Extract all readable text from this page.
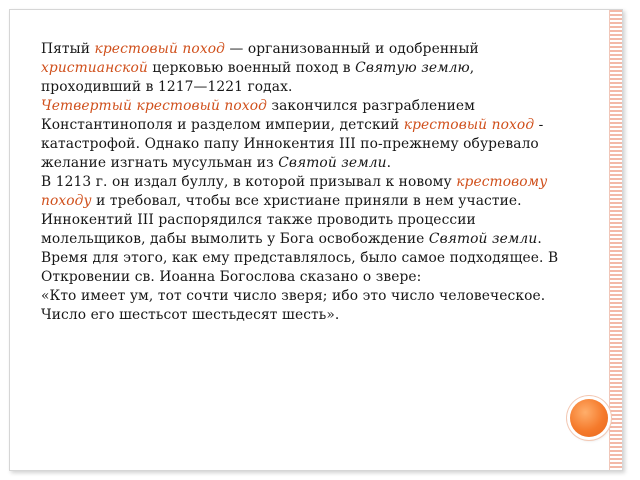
Пятый крестовый поход — организованный и одобренный христианской церковью военный поход в Святую землю, проходивший в 1217—1221 годах.

Четвертый крестовый поход закончился разграблением Константинополя и разделом империи, детский крестовый поход - катастрофой. Однако папу Иннокентия III по-прежнему обуревало желание изгнать мусульман из Святой земли.

В 1213 г. он издал буллу, в которой призывал к новому крестовому походу и требовал, чтобы все христиане приняли в нем участие.

Иннокентий III распорядился также проводить процессии молельщиков, дабы вымолить у Бога освобождение Святой земли.

Время для этого, как ему представлялось, было самое подходящее. В Откровении св. Иоанна Богослова сказано о звере:

«Кто имеет ум, тот сочти число зверя; ибо это число человеческое. Число его шестьсот шестьдесят шесть».
